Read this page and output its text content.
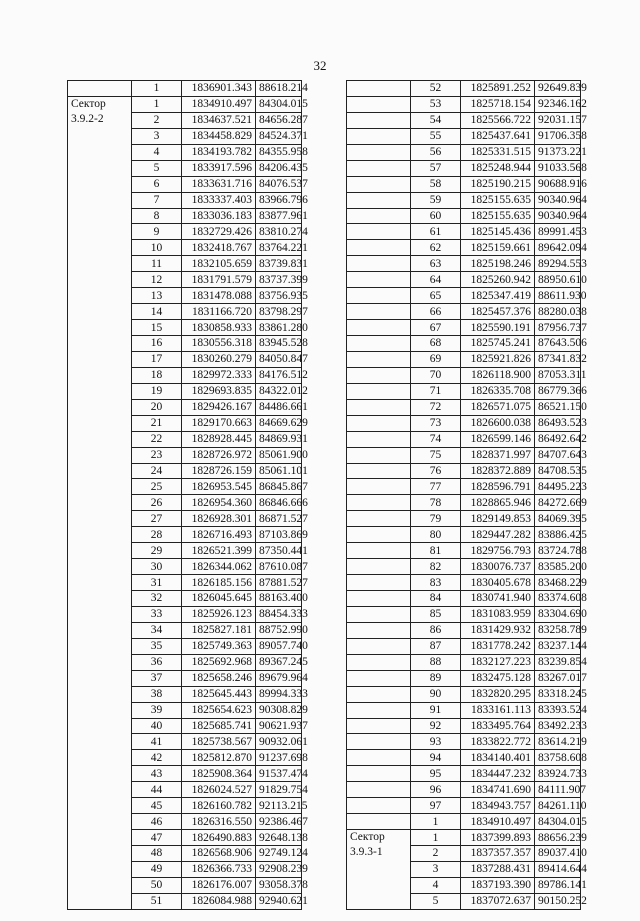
32
	1	1836901.343	88618.214

Сектор
3.9.2-2	1	1834910.497	84304.015
	2	1834637.521	84656.287
	3	1834458.829	84524.371
	4	1834193.782	84355.958
	5	1833917.596	84206.435
	6	1833631.716	84076.537
	7	1833337.403	83966.796
	8	1833036.183	83877.961
	9	1832729.426	83810.274
	10	1832418.767	83764.221
	11	1832105.659	83739.831
	12	1831791.579	83737.399
	13	1831478.088	83756.935
	14	1831166.720	83798.297
	15	1830858.933	83861.280
	16	1830556.318	83945.528
	17	1830260.279	84050.847
	18	1829972.333	84176.512
	19	1829693.835	84322.012
	20	1829426.167	84486.661
	21	1829170.663	84669.629
	22	1828928.445	84869.931
	23	1828726.972	85061.900
	24	1828726.159	85061.101
	25	1826953.545	86845.867
	26	1826954.360	86846.666
	27	1826928.301	86871.527
	28	1826716.493	87103.869
	29	1826521.399	87350.441
	30	1826344.062	87610.087
	31	1826185.156	87881.527
	32	1826045.645	88163.400
	33	1825926.123	88454.333
	34	1825827.181	88752.990
	35	1825749.363	89057.740
	36	1825692.968	89367.245
	37	1825658.246	89679.964
	38	1825645.443	89994.333
	39	1825654.623	90308.829
	40	1825685.741	90621.937
	41	1825738.567	90932.061
	42	1825812.870	91237.698
	43	1825908.364	91537.474
	44	1826024.527	91829.754
	45	1826160.782	92113.215
	46	1826316.550	92386.467
	47	1826490.883	92648.138
	48	1826568.906	92749.124
	49	1826366.733	92908.239
	50	1826176.007	93058.378
	51	1826084.988	92940.621
	52	1825891.252	92649.839
	53	1825718.154	92346.162
	54	1825566.722	92031.157
	55	1825437.641	91706.358
	56	1825331.515	91373.221
	57	1825248.944	91033.568
	58	1825190.215	90688.916
	59	1825155.635	90340.964
	60	1825155.635	90340.964
	61	1825145.436	89991.453
	62	1825159.661	89642.094
	63	1825198.246	89294.553
	64	1825260.942	88950.610
	65	1825347.419	88611.930
	66	1825457.376	88280.038
	67	1825590.191	87956.737
	68	1825745.241	87643.506
	69	1825921.826	87341.832
	70	1826118.900	87053.311
	71	1826335.708	86779.366
	72	1826571.075	86521.150
	73	1826600.038	86493.523
	74	1826599.146	86492.642
	75	1828371.997	84707.643
	76	1828372.889	84708.535
	77	1828596.791	84495.223
	78	1828865.946	84272.669
	79	1829149.853	84069.395
	80	1829447.282	83886.425
	81	1829756.793	83724.788
	82	1830076.737	83585.200
	83	1830405.678	83468.229
	84	1830741.940	83374.608
	85	1831083.959	83304.690
	86	1831429.932	83258.789
	87	1831778.242	83237.144
	88	1832127.223	83239.854
	89	1832475.128	83267.017
	90	1832820.295	83318.245
	91	1833161.113	83393.524
	92	1833495.764	83492.233
	93	1833822.772	83614.219
	94	1834140.401	83758.608
	95	1834447.232	83924.733
	96	1834741.690	84111.907
	97	1834943.757	84261.110
	1	1834910.497	84304.015

Сектор
3.9.3-1	1	1837399.893	88656.239
	2	1837357.357	89037.410
	3	1837288.431	89414.644
	4	1837193.390	89786.141
	5	1837072.637	90150.252
